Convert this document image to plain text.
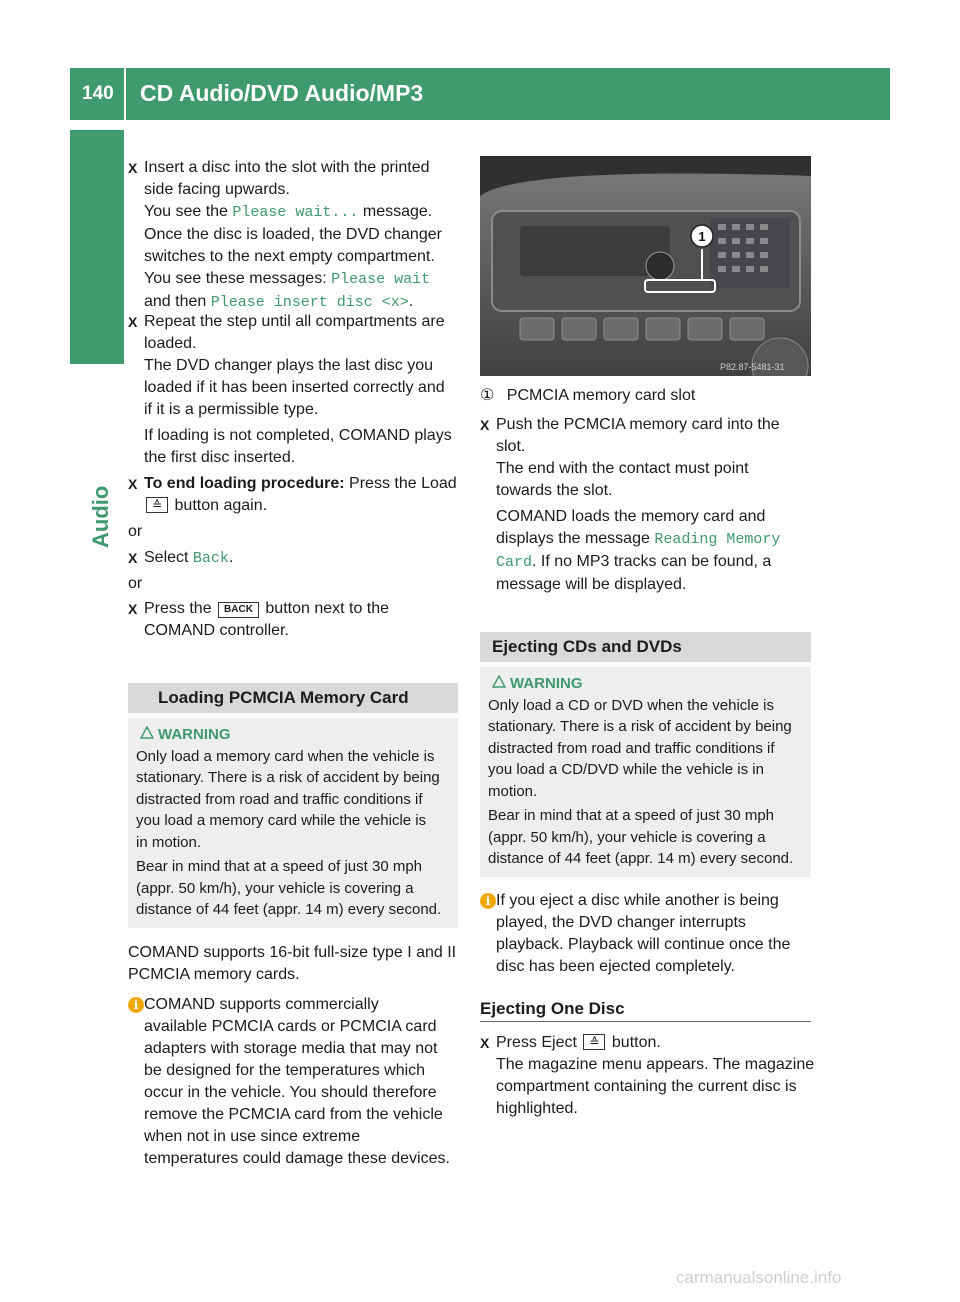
140 CD Audio/DVD Audio/MP3
Audio
X Insert a disc into the slot with the printed
side facing upwards.
You see the Please wait... message.
Once the disc is loaded, the DVD changer
switches to the next empty compartment.
You see these messages: Please wait
and then Please insert disc <x>.
X Repeat the step until all compartments are
loaded.
The DVD changer plays the last disc you
loaded if it has been inserted correctly and
if it is a permissible type.
If loading is not completed, COMAND plays
the first disc inserted.
X To end loading procedure: Press the Load
≙ button again.
or
X Select Back.
or
X Press the BACK button next to the
COMAND controller.
Loading PCMCIA Memory Card
WARNING
Only load a memory card when the vehicle is
stationary. There is a risk of accident by being
distracted from road and traffic conditions if
you load a memory card while the vehicle is
in motion.
Bear in mind that at a speed of just 30 mph
(appr. 50 km/h), your vehicle is covering a
distance of 44 feet (appr. 14 m) every second.
COMAND supports 16-bit full-size type I and II
PCMCIA memory cards.
i COMAND supports commercially
available PCMCIA cards or PCMCIA card
adapters with storage media that may not
be designed for the temperatures which
occur in the vehicle. You should therefore
remove the PCMCIA card from the vehicle
when not in use since extreme
temperatures could damage these devices.
1
P82.87-5481-31
① PCMCIA memory card slot
X Push the PCMCIA memory card into the
slot.
The end with the contact must point
towards the slot.
COMAND loads the memory card and
displays the message Reading Memory
Card. If no MP3 tracks can be found, a
message will be displayed.
Ejecting CDs and DVDs
WARNING
Only load a CD or DVD when the vehicle is
stationary. There is a risk of accident by being
distracted from road and traffic conditions if
you load a CD/DVD while the vehicle is in
motion.
Bear in mind that at a speed of just 30 mph
(appr. 50 km/h), your vehicle is covering a
distance of 44 feet (appr. 14 m) every second.
i If you eject a disc while another is being
played, the DVD changer interrupts
playback. Playback will continue once the
disc has been ejected completely.
Ejecting One Disc
X Press Eject ≙ button.
The magazine menu appears. The magazine
compartment containing the current disc is
highlighted.
carmanualsonline.info
